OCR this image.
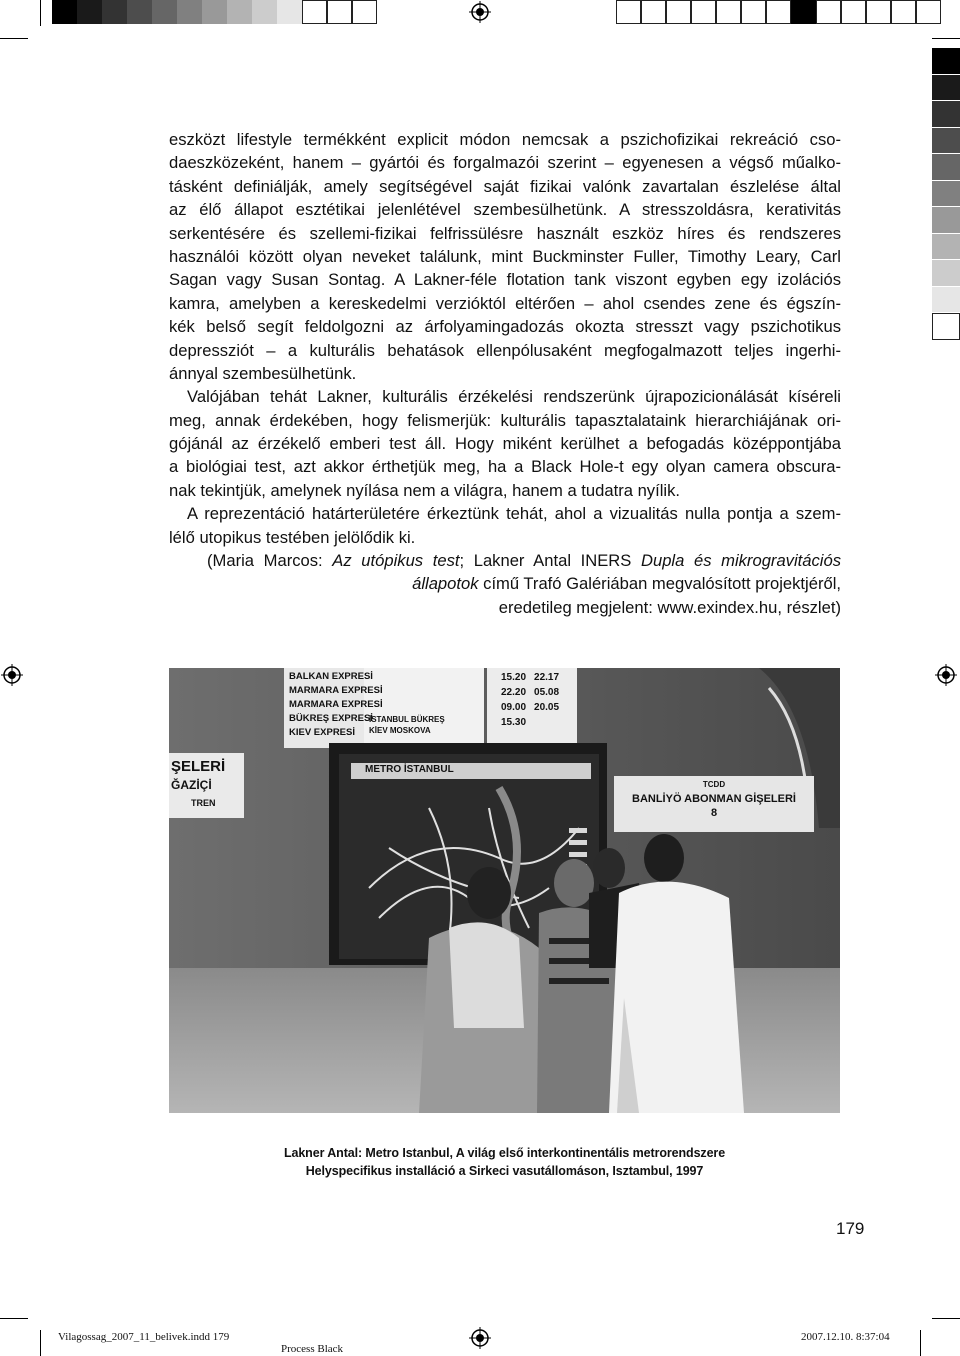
eszközt lifestyle termékként explicit módon nemcsak a pszichofizikai rekreáció cso-
daeszközeként, hanem – gyártói és forgalmazói szerint – egyenesen a végső műalko-
tásként definiálják, amely segítségével saját fizikai valónk zavartalan észlelése által
az élő állapot esztétikai jelenlétével szembesülhetünk. A stresszoldásra, kerativitás
serkentésére és szellemi-fizikai felfrissülésre használt eszköz híres és rendszeres
használói között olyan neveket találunk, mint Buckminster Fuller, Timothy Leary, Carl
Sagan vagy Susan Sontag. A Lakner-féle flotation tank viszont egyben egy izolációs
kamra, amelyben a kereskedelmi verzióktól eltérően – ahol csendes zene és égszín-
kék belső segít feldolgozni az árfolyamingadozás okozta stresszt vagy pszichotikus
depressziót – a kulturális behatások ellenpólusaként megfogalmazott teljes ingerhi-
ánnyal szembesülhetünk.
Valójában tehát Lakner, kulturális érzékelési rendszerünk újrapozicionálását kíséreli
meg, annak érdekében, hogy felismerjük: kulturális tapasztalataink hierarchiájának ori-
gójánál az érzékelő emberi test áll. Hogy miként kerülhet a befogadás középpontjába
a biológiai test, azt akkor érthetjük meg, ha a Black Hole-t egy olyan camera obscura-
nak tekintjük, amelynek nyílása nem a világra, hanem a tudatra nyílik.
A reprezentáció határterületére érkeztünk tehát, ahol a vizualitás nulla pontja a szem-
lélő utopikus testében jelölődik ki.
(Maria Marcos: Az utópikus test; Lakner Antal INERS Dupla és mikrogravitációs
állapotok című Trafó Galériában megvalósított projektjéről,
eredetileg megjelent: www.exindex.hu, részlet)
BALKAN EXPRESİ
MARMARA EXPRESİ
MARMARA EXPRESİ
BÜKREŞ EXPRESİ
KIEV EXPRESİ
İSTANBUL BÜKREŞ
KİEV MOSKOVA
15.20 22.17
22.20 05.08
09.00 20.05
15.30
METRO İSTANBUL
ŞELERİ
ĞAZİÇİ
TREN
TCDD
BANLİYÖ ABONMAN GİŞELERİ
8
Lakner Antal: Metro Istanbul, A világ első interkontinentális metrorendszere
Helyspecifikus installáció a Sirkeci vasutállomáson, Isztambul, 1997
179
Vilagossag_2007_11_belivek.indd 179	2007.12.10. 8:37:04
Process Black
